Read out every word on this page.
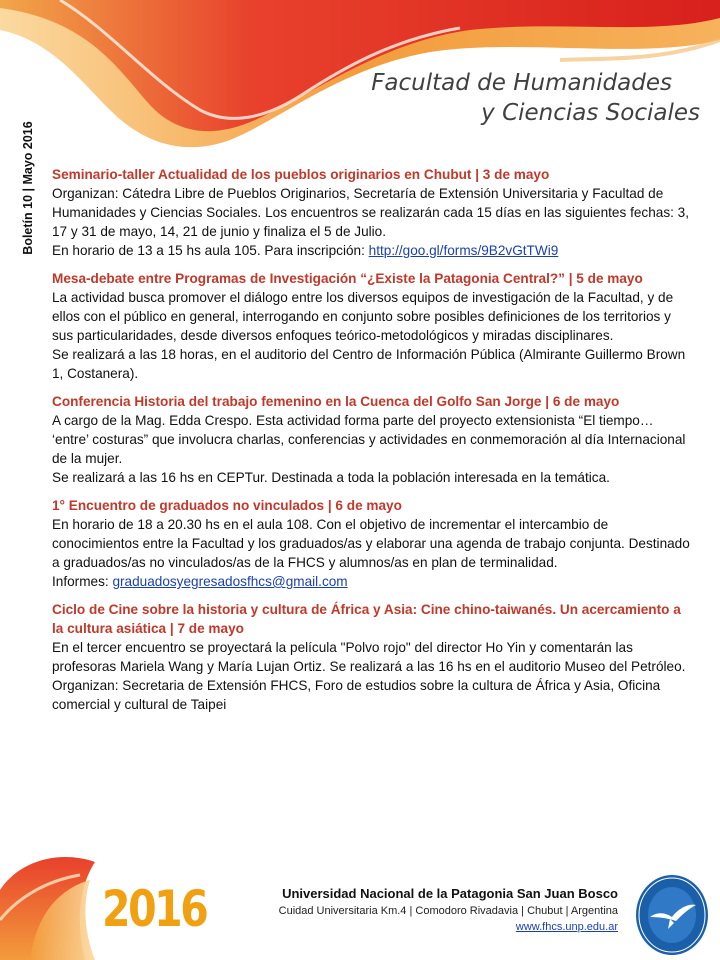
Facultad de Humanidades
y Ciencias Sociales
Boletín 10 | Mayo 2016 Seminario-taller Actualidad de los pueblos originarios en Chubut | 3 de mayo

Organizan: Cátedra Libre de Pueblos Originarios, Secretaría de Extensión Universitaria y Facultad de Humanidades y Ciencias Sociales. Los encuentros se realizarán cada 15 días en las siguientes fechas: 3, 17 y 31 de mayo, 14, 21 de junio y finaliza el 5 de Julio.

En horario de 13 a 15 hs aula 105. Para inscripción: http://goo.gl/forms/9B2vGtTWi9

Mesa-debate entre Programas de Investigación “¿Existe la Patagonia Central?” | 5 de mayo

La actividad busca promover el diálogo entre los diversos equipos de investigación de la Facultad, y de ellos con el público en general, interrogando en conjunto sobre posibles definiciones de los territorios y sus particularidades, desde diversos enfoques teórico-metodológicos y miradas disciplinares.

Se realizará a las 18 horas, en el auditorio del Centro de Información Pública (Almirante Guillermo Brown 1, Costanera).

Conferencia Historia del trabajo femenino en la Cuenca del Golfo San Jorge | 6 de mayo

A cargo de la Mag. Edda Crespo. Esta actividad forma parte del proyecto extensionista “El tiempo… ‘entre’ costuras” que involucra charlas, conferencias y actividades en conmemoración al día Internacional de la mujer.

Se realizará a las 16 hs en CEPTur. Destinada a toda la población interesada en la temática.

1° Encuentro de graduados no vinculados | 6 de mayo

En horario de 18 a 20.30 hs en el aula 108. Con el objetivo de incrementar el intercambio de conocimientos entre la Facultad y los graduados/as y elaborar una agenda de trabajo conjunta. Destinado a graduados/as no vinculados/as de la FHCS y alumnos/as en plan de terminalidad.

Informes: graduadosyegresadosfhcs@gmail.com

Ciclo de Cine sobre la historia y cultura de África y Asia: Cine chino-taiwanés. Un acercamiento a la cultura asiática | 7 de mayo

En el tercer encuentro se proyectará la película "Polvo rojo" del director Ho Yin y comentarán las profesoras Mariela Wang y María Lujan Ortiz. Se realizará a las 16 hs en el auditorio Museo del Petróleo. Organizan: Secretaria de Extensión FHCS, Foro de estudios sobre la cultura de África y Asia, Oficina comercial y cultural de Taipei

2016	Universidad Nacional de la Patagonia San Juan Bosco
Cuidad Universitaria Km.4 | Comodoro Rivadavia | Chubut | Argentina
www.fhcs.unp.edu.ar
